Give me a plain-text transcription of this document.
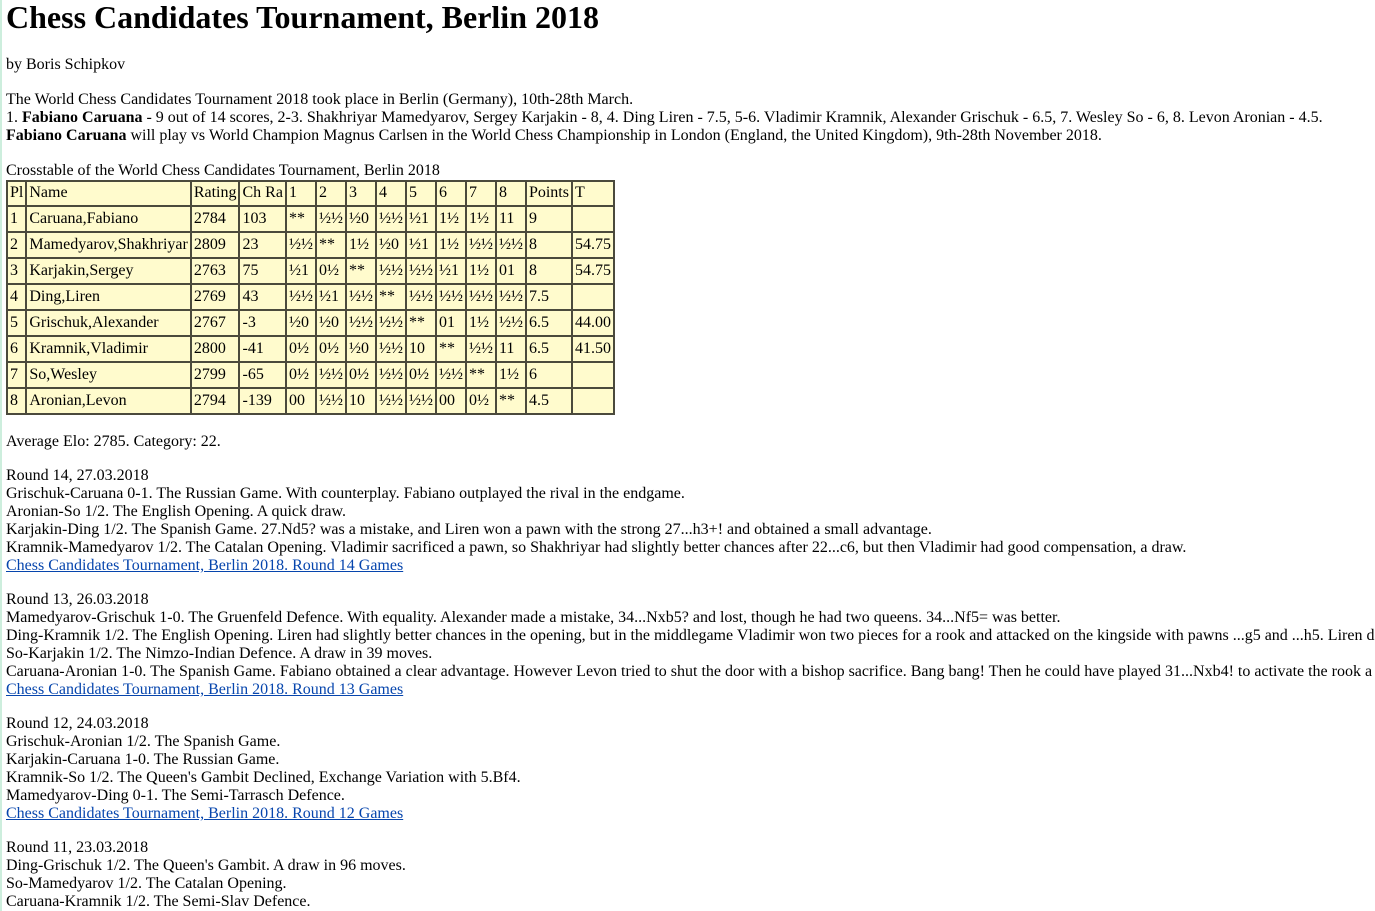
Chess Candidates Tournament, Berlin 2018
by Boris Schipkov
The World Chess Candidates Tournament 2018 took place in Berlin (Germany), 10th-28th March.
1. Fabiano Caruana - 9 out of 14 scores, 2-3. Shakhriyar Mamedyarov, Sergey Karjakin - 8, 4. Ding Liren - 7.5, 5-6. Vladimir Kramnik, Alexander Grischuk - 6.5, 7. Wesley So - 6, 8. Levon Aronian - 4.5.
Fabiano Caruana will play vs World Champion Magnus Carlsen in the World Chess Championship in London (England, the United Kingdom), 9th-28th November 2018.
Crosstable of the World Chess Candidates Tournament, Berlin 2018
Pl	Name	Rating	Ch Ra	1	2	3	4	5	6	7	8	Points	T
1	Caruana,Fabiano	2784	103	**	½½	½0	½½	½1	1½	1½	11	9	
2	Mamedyarov,Shakhriyar	2809	23	½½	**	1½	½0	½1	1½	½½	½½	8	54.75
3	Karjakin,Sergey	2763	75	½1	0½	**	½½	½½	½1	1½	01	8	54.75
4	Ding,Liren	2769	43	½½	½1	½½	**	½½	½½	½½	½½	7.5	
5	Grischuk,Alexander	2767	-3	½0	½0	½½	½½	**	01	1½	½½	6.5	44.00
6	Kramnik,Vladimir	2800	-41	0½	0½	½0	½½	10	**	½½	11	6.5	41.50
7	So,Wesley	2799	-65	0½	½½	0½	½½	0½	½½	**	1½	6	
8	Aronian,Levon	2794	-139	00	½½	10	½½	½½	00	0½	**	4.5	
Average Elo: 2785. Category: 22.
Round 14, 27.03.2018
Grischuk-Caruana 0-1. The Russian Game. With counterplay. Fabiano outplayed the rival in the endgame.
Aronian-So 1/2. The English Opening. A quick draw.
Karjakin-Ding 1/2. The Spanish Game. 27.Nd5? was a mistake, and Liren won a pawn with the strong 27...h3+! and obtained a small advantage.
Kramnik-Mamedyarov 1/2. The Catalan Opening. Vladimir sacrificed a pawn, so Shakhriyar had slightly better chances after 22...c6, but then Vladimir had good compensation, a draw.
Chess Candidates Tournament, Berlin 2018. Round 14 Games
Round 13, 26.03.2018
Mamedyarov-Grischuk 1-0. The Gruenfeld Defence. With equality. Alexander made a mistake, 34...Nxb5? and lost, though he had two queens. 34...Nf5= was better.
Ding-Kramnik 1/2. The English Opening. Liren had slightly better chances in the opening, but in the middlegame Vladimir won two pieces for a rook and attacked on the kingside with pawns ...g5 and ...h5. Liren d
So-Karjakin 1/2. The Nimzo-Indian Defence. A draw in 39 moves.
Caruana-Aronian 1-0. The Spanish Game. Fabiano obtained a clear advantage. However Levon tried to shut the door with a bishop sacrifice. Bang bang! Then he could have played 31...Nxb4! to activate the rook a
Chess Candidates Tournament, Berlin 2018. Round 13 Games
Round 12, 24.03.2018
Grischuk-Aronian 1/2. The Spanish Game.
Karjakin-Caruana 1-0. The Russian Game.
Kramnik-So 1/2. The Queen's Gambit Declined, Exchange Variation with 5.Bf4.
Mamedyarov-Ding 0-1. The Semi-Tarrasch Defence.
Chess Candidates Tournament, Berlin 2018. Round 12 Games
Round 11, 23.03.2018
Ding-Grischuk 1/2. The Queen's Gambit. A draw in 96 moves.
So-Mamedyarov 1/2. The Catalan Opening.
Caruana-Kramnik 1/2. The Semi-Slav Defence.
